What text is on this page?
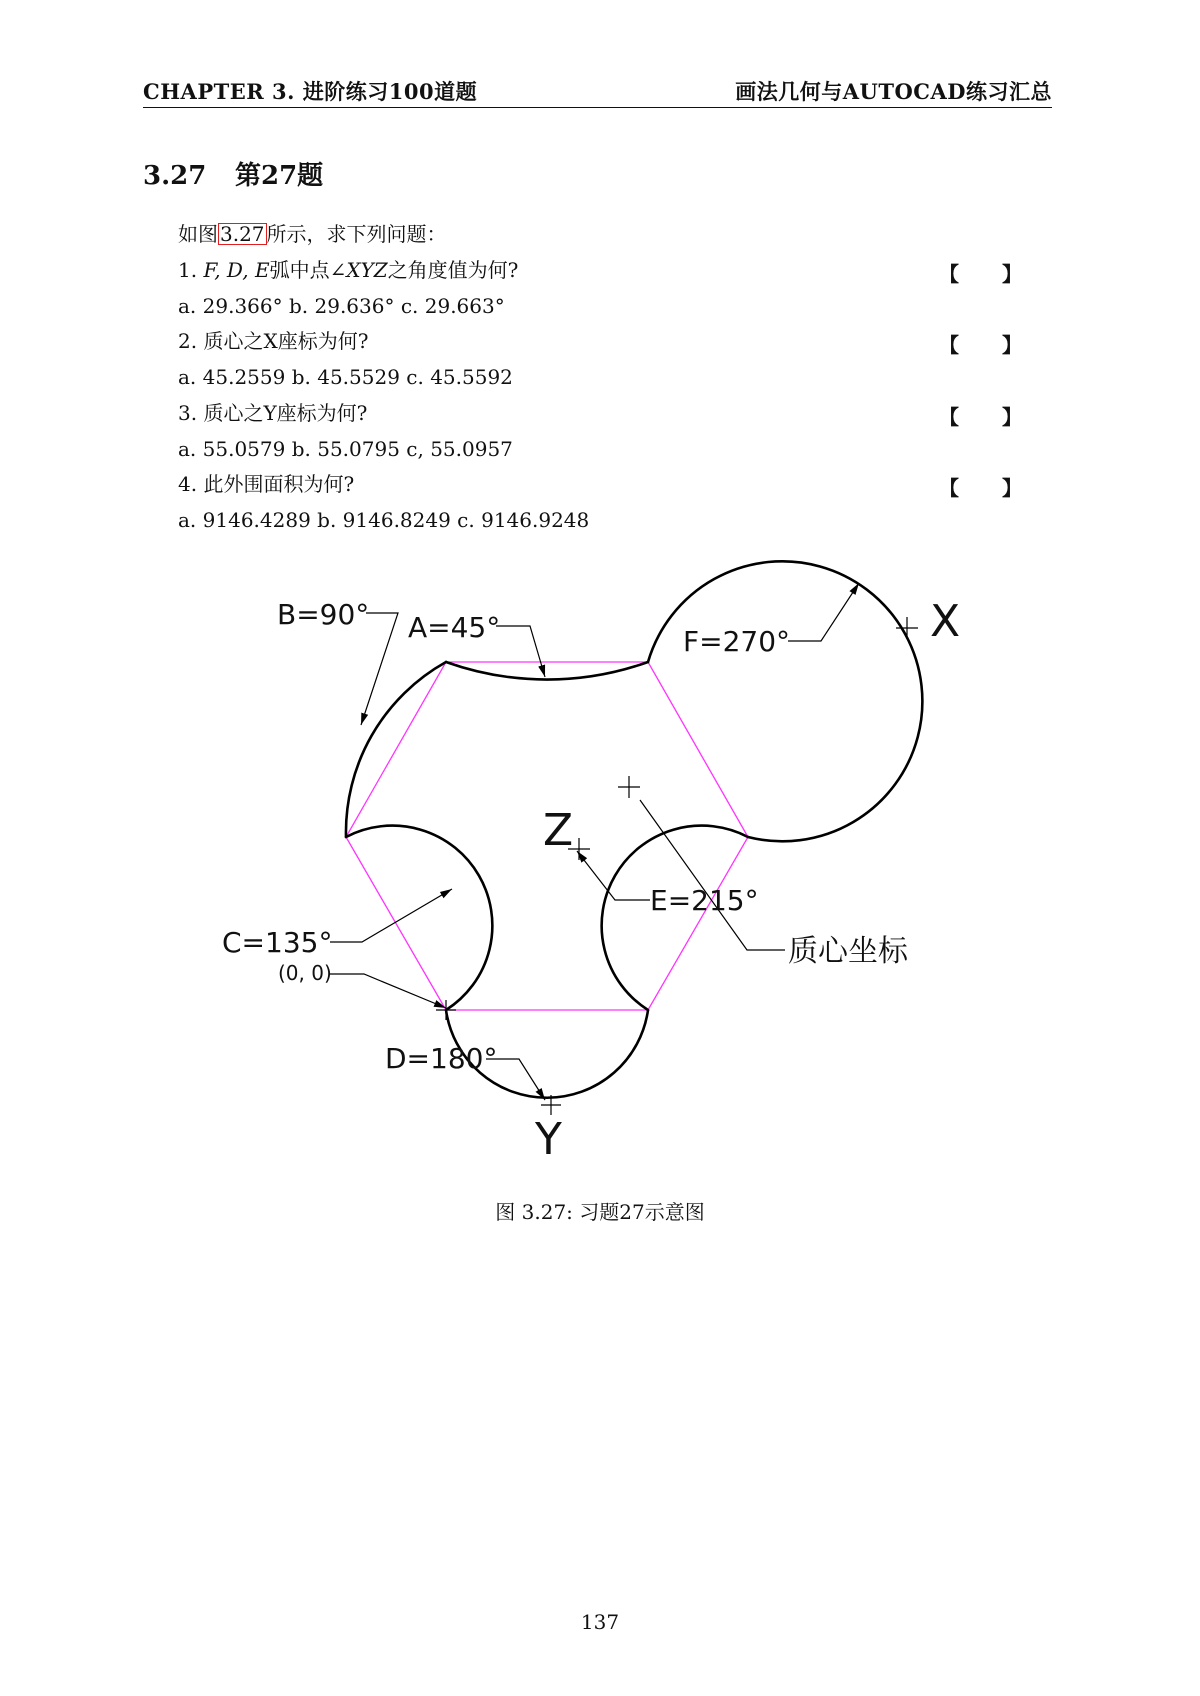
CHAPTER 3. 进阶练习100道题	画法几何与AUTOCAD练习汇总
3.27 第27题
如图 3.27 所示，求下列问题：
1. F, D, E弧中点∠XYZ之角度值为何?	【 】
a. 29.366° b. 29.636° c. 29.663°
2. 质心之X座标为何?	【 】
a. 45.2559 b. 45.5529 c. 45.5592
3. 质心之Y座标为何?	【 】
a. 55.0579 b. 55.0795 c, 55.0957
4. 此外围面积为何?	【 】
a. 9146.4289 b. 9146.8249 c. 9146.9248
B=90° A=45°	F=270°	X
Z
E=215°
质心坐标
C=135°
(0, 0)
D=180°
Y
图 3.27: 习题27示意图
137
